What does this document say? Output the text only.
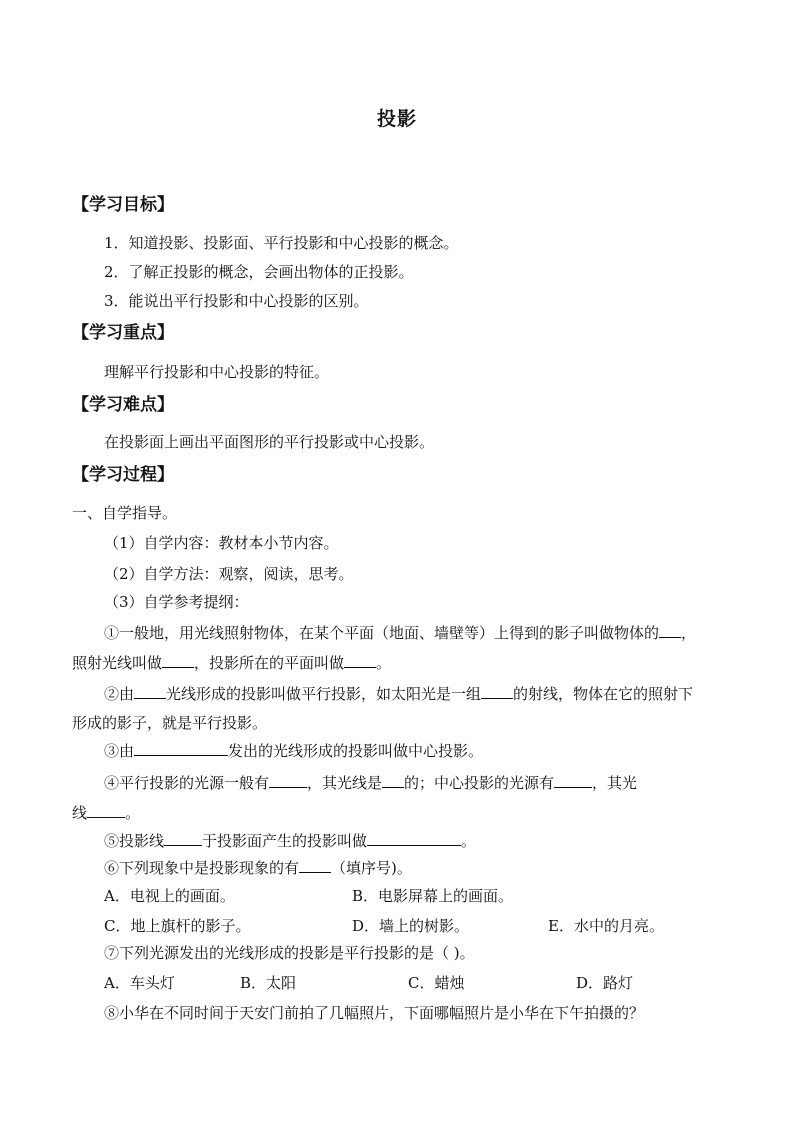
投影
【学习目标】
1．知道投影、投影面、平行投影和中心投影的概念。
2．了解正投影的概念，会画出物体的正投影。
3．能说出平行投影和中心投影的区别。
【学习重点】
理解平行投影和中心投影的特征。
【学习难点】
在投影面上画出平面图形的平行投影或中心投影。
【学习过程】
一、自学指导。
（1）自学内容：教材本小节内容。
（2）自学方法：观察，阅读，思考。
（3）自学参考提纲：
①一般地，用光线照射物体，在某个平面（地面、墙壁等）上得到的影子叫做物体的 ，
照射光线叫做 ，投影所在的平面叫做 。
②由 光线形成的投影叫做平行投影，如太阳光是一组 的射线，物体在它的照射下
形成的影子，就是平行投影。
③由	发出的光线形成的投影叫做中心投影。
④平行投影的光源一般有	，其光线是 的；中心投影的光源有	，其光
线	。
⑤投影线	于投影面产生的投影叫做	。
⑥下列现象中是投影现象的有 （填序号)。
A．电视上的画面。	B．电影屏幕上的画面。
C．地上旗杆的影子。	D．墙上的树影。	E．水中的月亮。
⑦下列光源发出的光线形成的投影是平行投影的是（ )。
A．车头灯	B．太阳	C．蜡烛	D．路灯
⑧小华在不同时间于天安门前拍了几幅照片，下面哪幅照片是小华在下午拍摄的？
